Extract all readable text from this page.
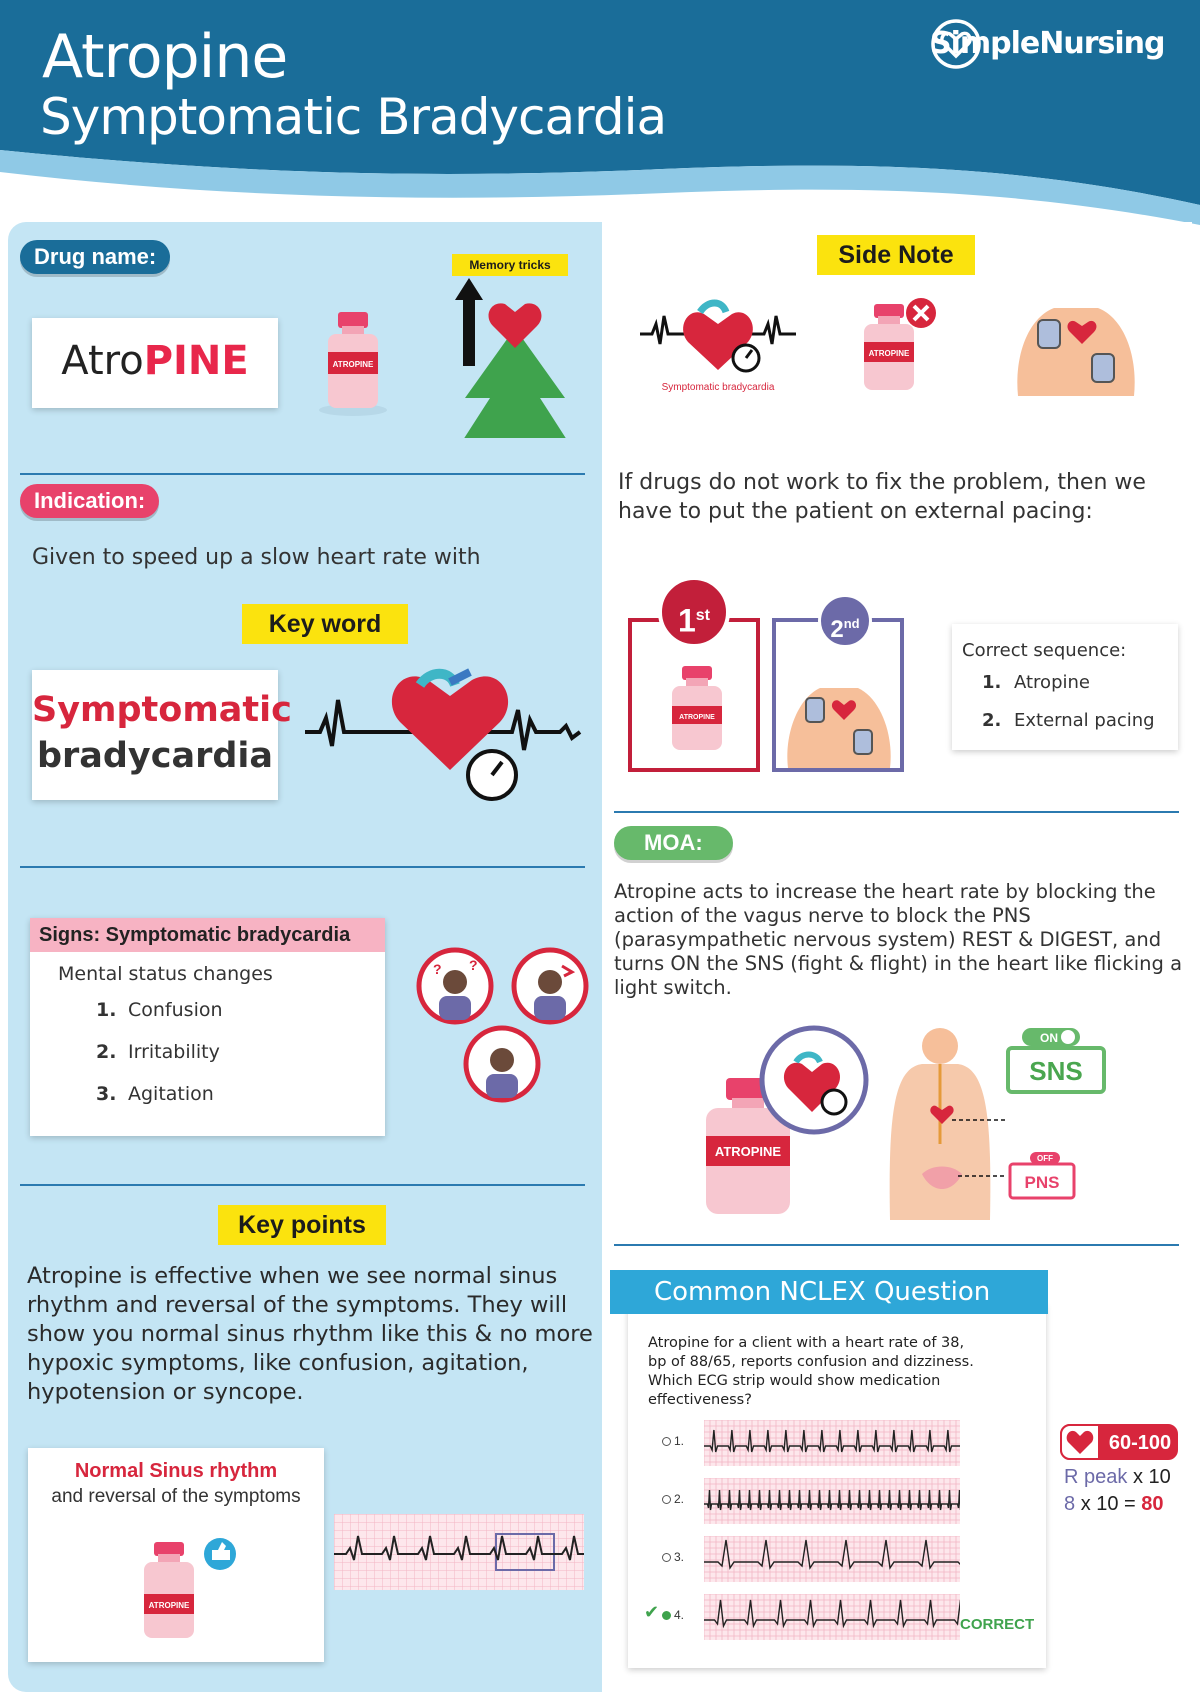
Atropine
Symptomatic Bradycardia
SimpleNursing
Drug name:
AtroPINE	ATROPINE
Memory tricks
Indication:
Given to speed up a slow heart rate with
Key word
Symptomatic
bradycardia
Signs: Symptomatic bradycardia
Mental status changes
1. Confusion
2. Irritability
3. Agitation
? ?
Key points
Atropine is effective when we see normal sinus rhythm and reversal of the symptoms. They will show you normal sinus rhythm like this & no more hypoxic symptoms, like confusion, agitation, hypotension or syncope.
Normal Sinus rhythm
and reversal of the symptoms
ATROPINE
Side Note
Symptomatic bradycardia
ATROPINE
If drugs do not work to fix the problem, then we have to put the patient on external pacing:
ATROPINE
1st
2nd
Correct sequence:
1. Atropine
2. External pacing
MOA:
Atropine acts to increase the heart rate by blocking the action of the vagus nerve to block the PNS (parasympathetic nervous system) REST & DIGEST, and turns ON the SNS (fight & flight) in the heart like flicking a light switch.
ATROPINE
ON
SNS
OFF
PNS
Common NCLEX Question
Atropine for a client with a heart rate of 38, bp of 88/65, reports confusion and dizziness. Which ECG strip would show medication effectiveness?
1.
2.
3.
4.
✔
CORRECT
60-100
R peak x 10
8 x 10 = 80
